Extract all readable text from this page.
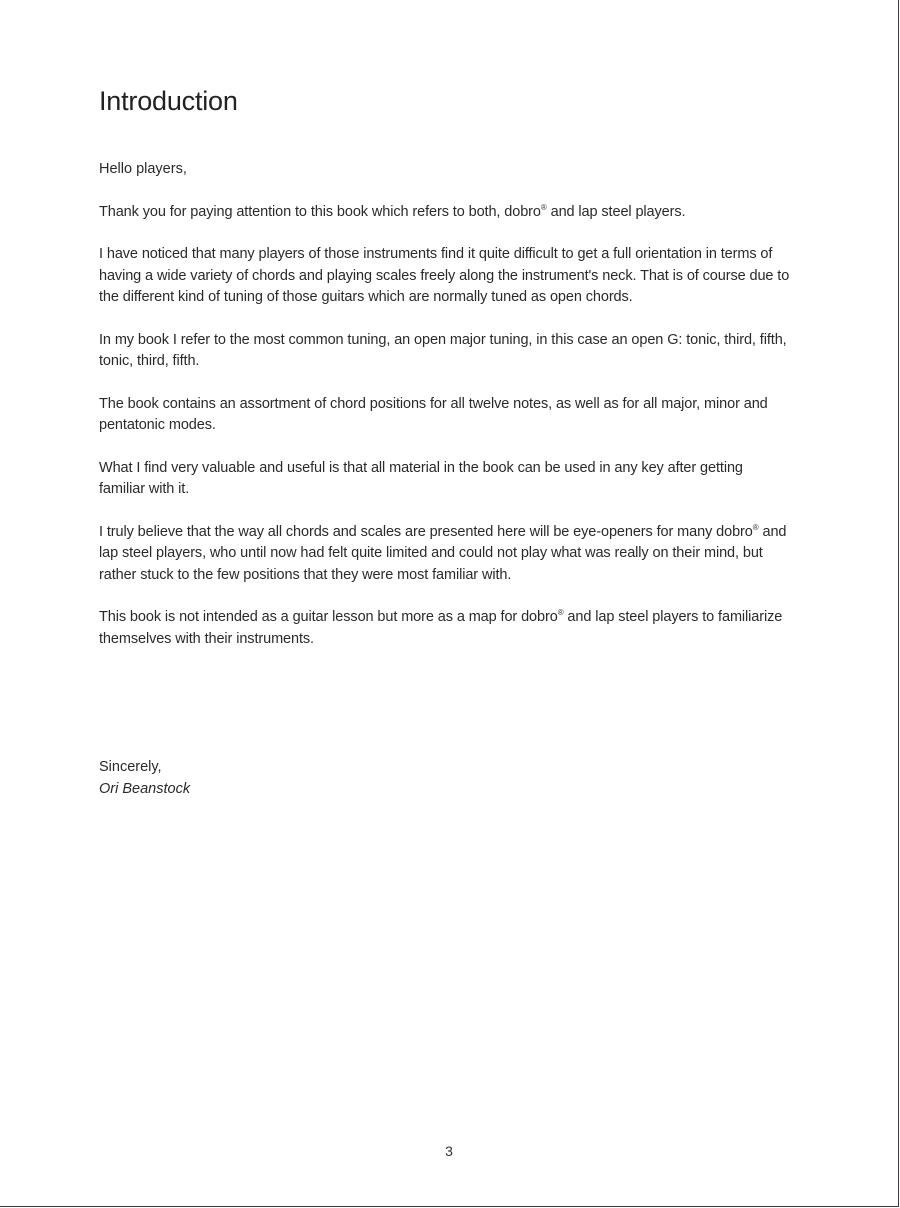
Introduction

Hello players,

Thank you for paying attention to this book which refers to both, dobro® and lap steel players.

I have noticed that many players of those instruments find it quite difficult to get a full orientation in terms of having a wide variety of chords and playing scales freely along the instrument's neck. That is of course due to the different kind of tuning of those guitars which are normally tuned as open chords.

In my book I refer to the most common tuning, an open major tuning, in this case an open G: tonic, third, fifth, tonic, third, fifth.

The book contains an assortment of chord positions for all twelve notes, as well as for all major, minor and pentatonic modes.

What I find very valuable and useful is that all material in the book can be used in any key after getting familiar with it.

I truly believe that the way all chords and scales are presented here will be eye-openers for many dobro® and lap steel players, who until now had felt quite limited and could not play what was really on their mind, but rather stuck to the few positions that they were most familiar with.

This book is not intended as a guitar lesson but more as a map for dobro® and lap steel players to familiarize themselves with their instruments.

Sincerely,

Ori Beanstock

3
